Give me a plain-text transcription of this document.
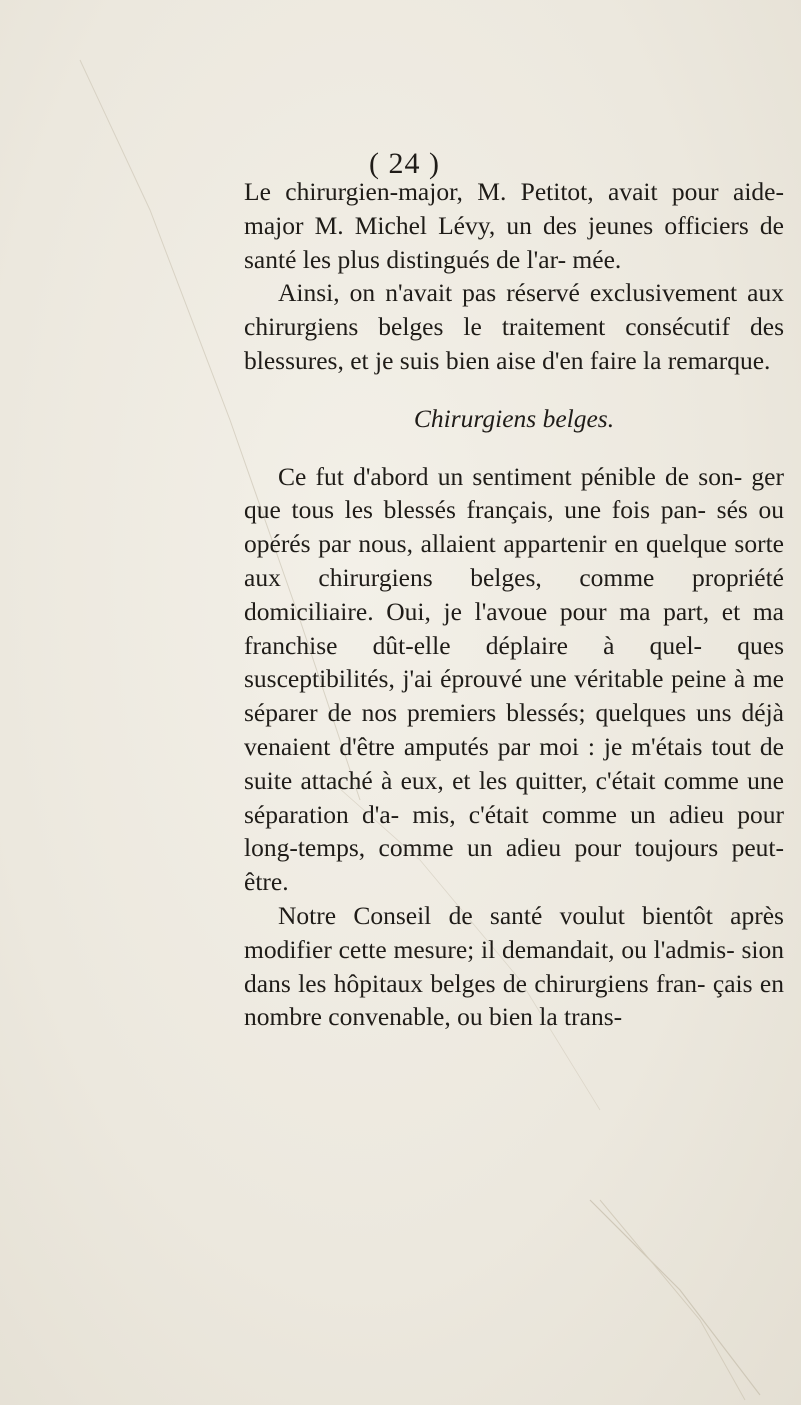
( 24 )

Le chirurgien-major, M. Petitot, avait pour aide-major M. Michel Lévy, un des jeunes officiers de santé les plus distingués de l'ar- mée.

Ainsi, on n'avait pas réservé exclusivement aux chirurgiens belges le traitement consécutif des blessures, et je suis bien aise d'en faire la remarque.

Chirurgiens belges.

Ce fut d'abord un sentiment pénible de son- ger que tous les blessés français, une fois pan- sés ou opérés par nous, allaient appartenir en quelque sorte aux chirurgiens belges, comme propriété domiciliaire. Oui, je l'avoue pour ma part, et ma franchise dût-elle déplaire à quel- ques susceptibilités, j'ai éprouvé une véritable peine à me séparer de nos premiers blessés; quelques uns déjà venaient d'être amputés par moi : je m'étais tout de suite attaché à eux, et les quitter, c'était comme une séparation d'a- mis, c'était comme un adieu pour long-temps, comme un adieu pour toujours peut-être.

Notre Conseil de santé voulut bientôt après modifier cette mesure; il demandait, ou l'admis- sion dans les hôpitaux belges de chirurgiens fran- çais en nombre convenable, ou bien la trans-
